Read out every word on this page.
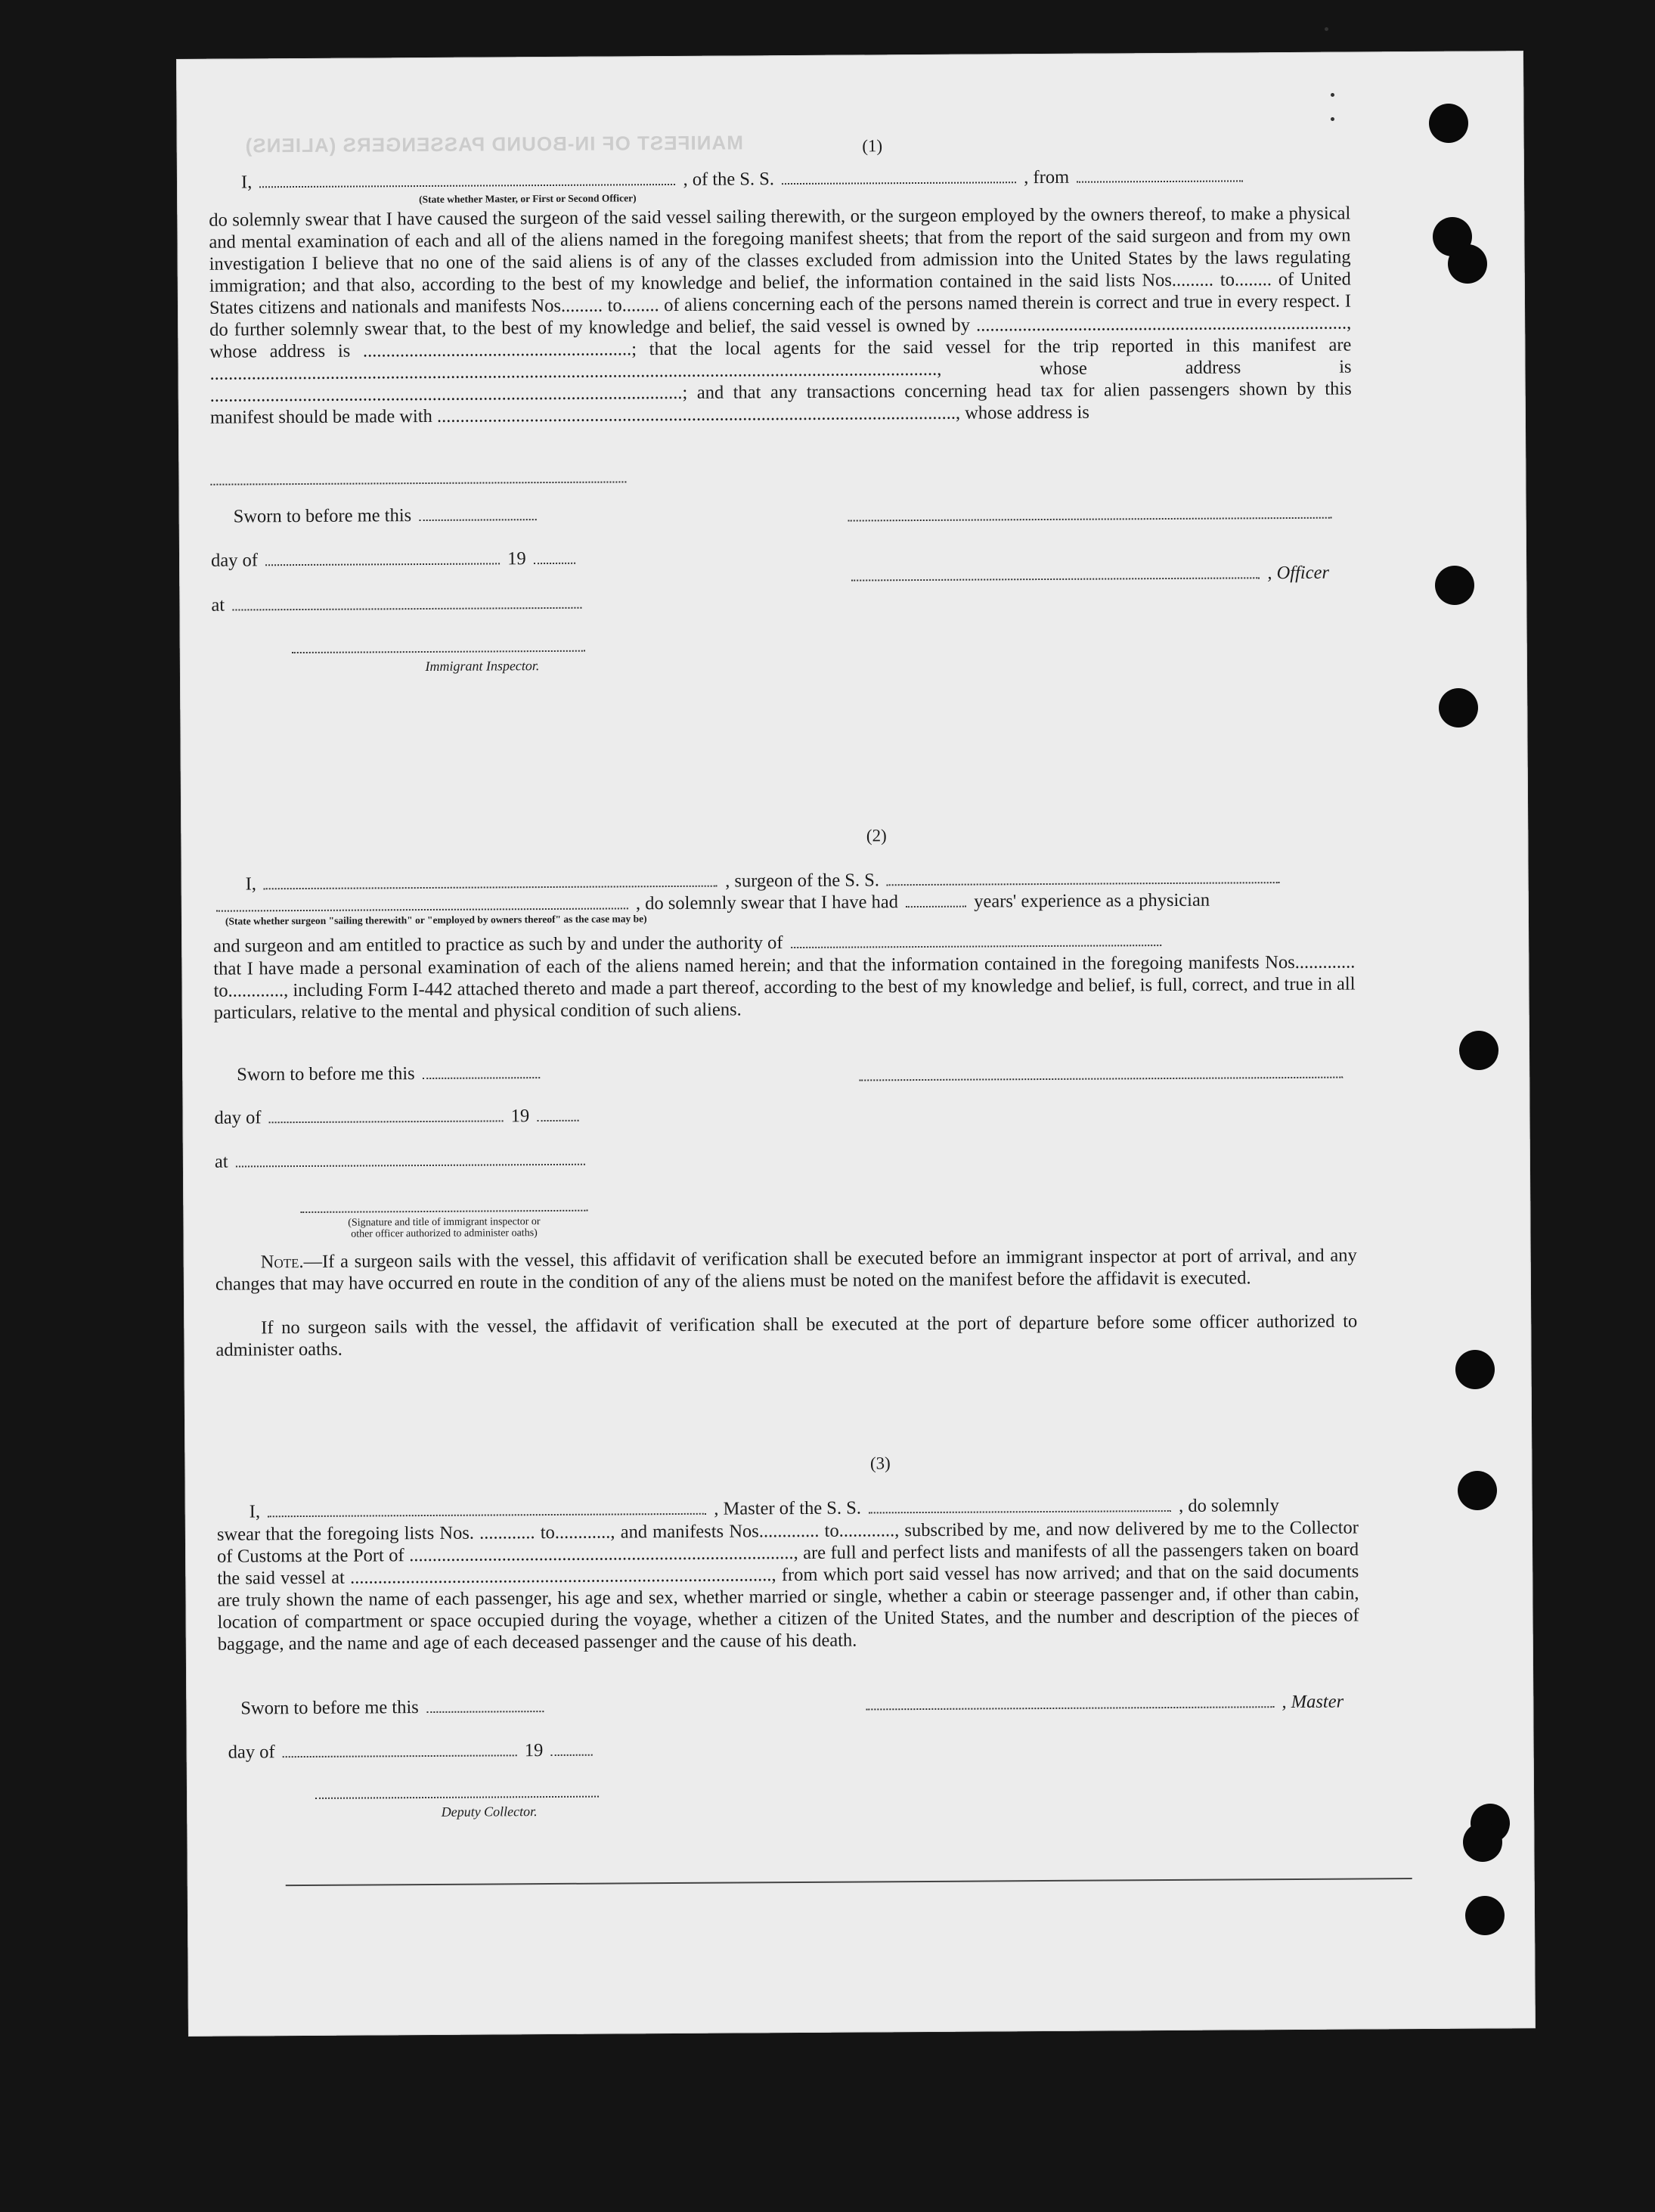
MANIFEST OF IN-BOUND PASSENGERS (ALIENS)	(1)
I,	, of the S. S.	, from
(State whether Master, or First or Second Officer)
do solemnly swear that I have caused the surgeon of the said vessel sailing therewith, or the surgeon employed by the owners thereof, to make a physical and mental examination of each and all of the aliens named in the foregoing manifest sheets; that from the report of the said surgeon and from my own investigation I believe that no one of the said aliens is of any of the classes excluded from admission into the United States by the laws regulating immigration; and that also, according to the best of my knowledge and belief, the information contained in the said lists Nos......... to........ of United States citizens and nationals and manifests Nos......... to........ of aliens concerning each of the persons named therein is correct and true in every respect. I do further solemnly swear that, to the best of my knowledge and belief, the said vessel is owned by ................................................................................, whose address is ..........................................................; that the local agents for the said vessel for the trip reported in this manifest are ............................................................................................................................................................., whose address is ......................................................................................................; and that any transactions concerning head tax for alien passengers shown by this manifest should be made with ................................................................................................................, whose address is
Sworn to before me this
day of	19
, Officer
at
Immigrant Inspector.
(2)
I,	, surgeon of the S. S.
, do solemnly swear that I have had	years' experience as a physician
(State whether surgeon "sailing therewith" or "employed by owners thereof" as the case may be)
and surgeon and am entitled to practice as such by and under the authority of
that I have made a personal examination of each of the aliens named herein; and that the information contained in the foregoing manifests Nos............. to............, including Form I-442 attached thereto and made a part thereof, according to the best of my knowledge and belief, is full, correct, and true in all particulars, relative to the mental and physical condition of such aliens.
Sworn to before me this
day of	19
at
(Signature and title of immigrant inspector or
other officer authorized to administer oaths)
Note.—If a surgeon sails with the vessel, this affidavit of verification shall be executed before an immigrant inspector at port of arrival, and any changes that may have occurred en route in the condition of any of the aliens must be noted on the manifest before the affidavit is executed.
If no surgeon sails with the vessel, the affidavit of verification shall be executed at the port of departure before some officer authorized to administer oaths.
(3)
I,	, Master of the S. S.	, do solemnly
swear that the foregoing lists Nos. ............ to............, and manifests Nos............. to............, subscribed by me, and now delivered by me to the Collector of Customs at the Port of ..................................................................................., are full and perfect lists and manifests of all the passengers taken on board the said vessel at ..........................................................................................., from which port said vessel has now arrived; and that on the said documents are truly shown the name of each passenger, his age and sex, whether married or single, whether a cabin or steerage passenger and, if other than cabin, location of compartment or space occupied during the voyage, whether a citizen of the United States, and the number and description of the pieces of baggage, and the name and age of each deceased passenger and the cause of his death.
Sworn to before me this	, Master
day of	19
Deputy Collector.
